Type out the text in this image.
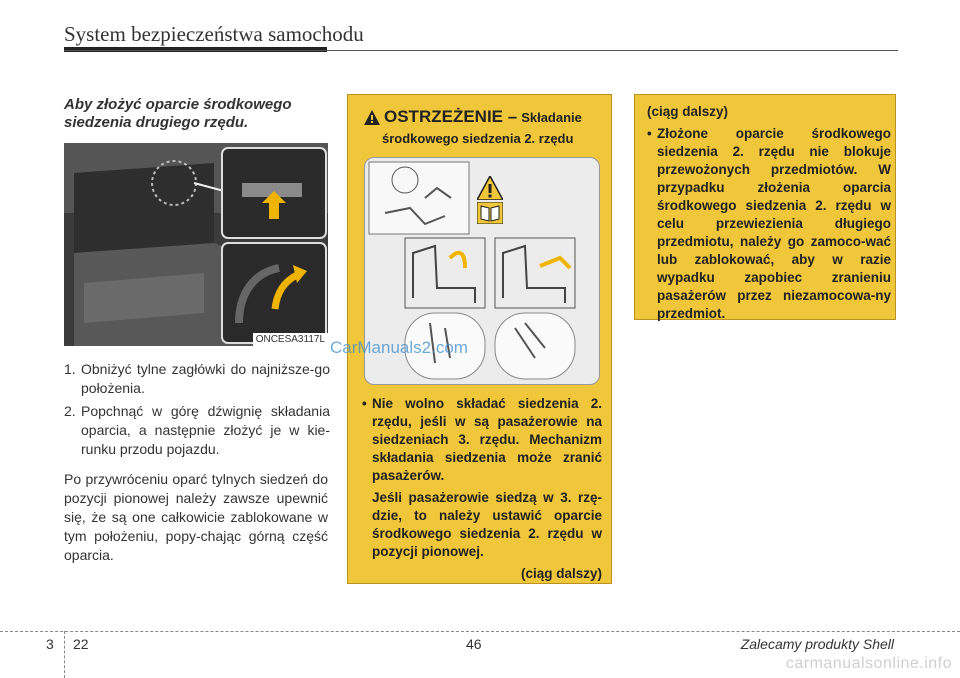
System bezpieczeństwa samochodu
Aby złożyć oparcie środkowego
siedzenia drugiego rzędu.
ONCESA3117L
1. Obniżyć tylne zagłówki do najniższe-go położenia.
2. Popchnąć w górę dźwignię składania oparcia, a następnie złożyć je w kie-runku przodu pojazdu.
Po przywróceniu oparć tylnych siedzeń do pozycji pionowej należy zawsze upewnić się, że są one całkowicie zablokowane w tym położeniu, popy-chając górną część oparcia.
OSTRZEŻENIE – Składanie
środkowego siedzenia 2. rzędu
• Nie wolno składać siedzenia 2. rzędu, jeśli w są pasażerowie na siedzeniach 3. rzędu. Mechanizm składania siedzenia może zranić pasażerów.
Jeśli pasażerowie siedzą w 3. rzę-dzie, to należy ustawić oparcie środkowego siedzenia 2. rzędu w pozycji pionowej.
(ciąg dalszy)
(ciąg dalszy)
• Złożone oparcie środkowego siedzenia 2. rzędu nie blokuje przewożonych przedmiotów. W przypadku złożenia oparcia środkowego siedzenia 2. rzędu w celu przewiezienia długiego przedmiotu, należy go zamoco-wać lub zablokować, aby w razie wypadku zapobiec zranieniu pasażerów przez niezamocowa-ny przedmiot.
CarManuals2.com
3 22	46	Zalecamy produkty Shell
carmanualsonline.info
